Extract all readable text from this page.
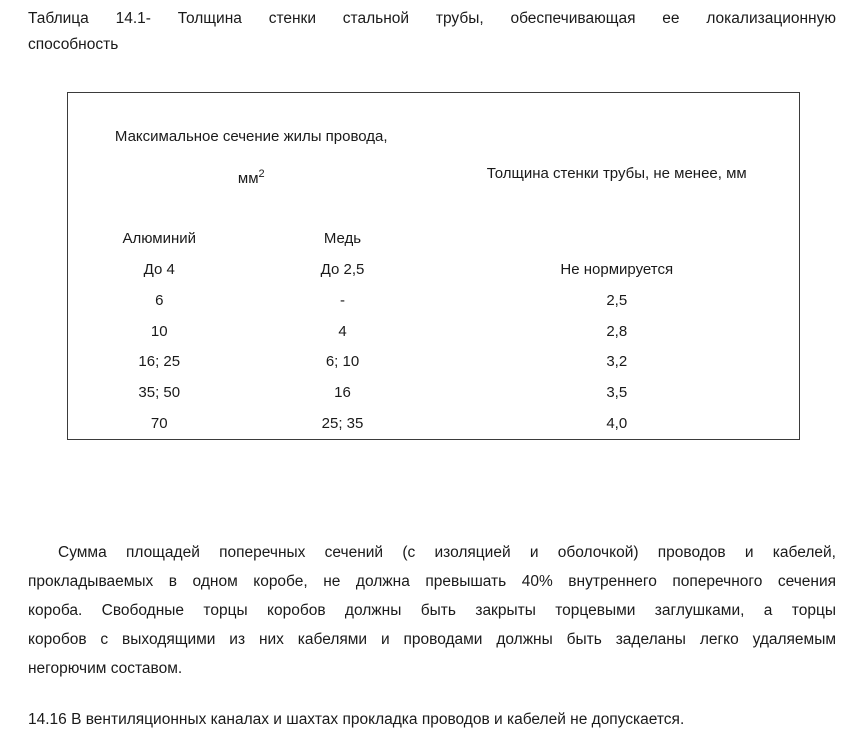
Таблица 14.1- Толщина стенки стальной трубы, обеспечивающая ее локализационную
способность
Максимальное сечение жилы провода,
$мм^2$		Толщина стенки трубы, не менее, мм
Алюминий	Медь	
До 4	До 2,5	Не нормируется
6	-	2,5
10	4	2,8
16; 25	6; 10	3,2
35; 50	16	3,5
70	25; 35	4,0
Сумма площадей поперечных сечений (с изоляцией и оболочкой) проводов и кабелей,
прокладываемых в одном коробе, не должна превышать 40% внутреннего поперечного сечения
короба. Свободные торцы коробов должны быть закрыты торцевыми заглушками, а торцы
коробов с выходящими из них кабелями и проводами должны быть заделаны легко удаляемым
негорючим составом.
14.16 В вентиляционных каналах и шахтах прокладка проводов и кабелей не допускается.
